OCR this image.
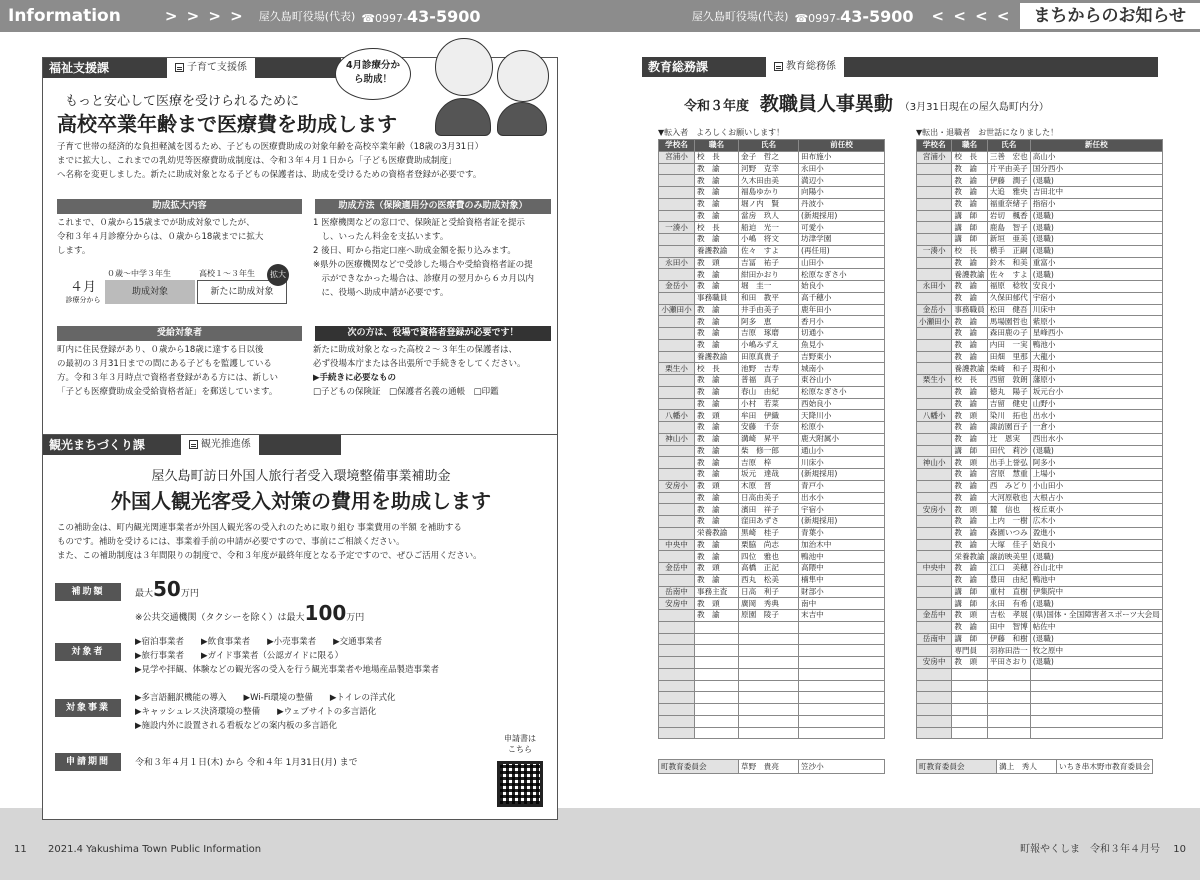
Information	> > > >	屋久島町役場(代表) ☎0997-43-5900	屋久島町役場(代表) ☎0997-43-5900	< < < <	まちからのお知らせ
福祉支援課	子育て支援係	4月診療分から助成！
もっと安心して医療を受けられるために
高校卒業年齢まで医療費を助成します
子育て世帯の経済的な負担軽減を図るため、子どもの医療費助成の対象年齢を高校卒業年齢（18歳の3月31日）
までに拡大し、これまでの乳幼児等医療費助成制度は、令和３年４月１日から「子ども医療費助成制度」
へ名称を変更しました。新たに助成対象となる子どもの保護者は、助成を受けるための資格者登録が必要です。
助成拡大内容
これまで、０歳から15歳までが助成対象でしたが、
令和３年４月診療分からは、０歳から18歳までに拡大
します。
４月
診療分から
０歳〜中学３年生	高校１〜３年生
助成対象	新たに助成対象
拡大
助成方法（保険適用分の医療費のみ助成対象）
1 医療機関などの窓口で、保険証と受給資格者証を提示
　し、いったん料金を支払います。
2 後日、町から指定口座へ助成金額を振り込みます。
※県外の医療機関などで受診した場合や受給資格者証の提
　示ができなかった場合は、診療月の翌月から６カ月以内
　に、役場へ助成申請が必要です。
受給対象者
町内に住民登録があり、０歳から18歳に達する日以後
の最初の３月31日までの間にある子どもを監護している
方。令和３年３月時点で資格者登録がある方には、新しい
「子ども医療費助成金受給資格者証」を郵送しています。
次の方は、役場で資格者登録が必要です！
新たに助成対象となった高校２〜３年生の保護者は、
必ず役場本庁または各出張所で手続きをしてください。
▶手続きに必要なもの
□子どもの保険証　□保護者名義の通帳　□印鑑
観光まちづくり課	観光推進係
屋久島町訪日外国人旅行者受入環境整備事業補助金
外国人観光客受入対策の費用を助成します
この補助金は、町内観光関連事業者が外国人観光客の受入れのために取り組む 事業費用の半額 を補助する
ものです。補助を受けるには、事業着手前の申請が必要ですので、事前にご相談ください。
また、この補助制度は３年間限りの制度で、令和３年度が最終年度となる予定ですので、ぜひご活用ください。
補助額	最大50万円
※公共交通機関（タクシーを除く）は最大100万円
対象者
▶宿泊事業者　　▶飲食事業者　　▶小売事業者　　▶交通事業者
▶旅行事業者　　▶ガイド事業者（公認ガイドに限る）
▶見学や拝観、体験などの観光客の受入を行う観光事業者や地場産品製造事業者
対象事業
▶多言語翻訳機能の導入　　▶Wi-Fi環境の整備　　▶トイレの洋式化
▶キャッシュレス決済環境の整備　　▶ウェブサイトの多言語化
▶施設内外に設置される看板などの案内板の多言語化
申請期間	令和３年４月１日(木) から 令和４年 1月31日(月) まで
申請書は
こちら
11 2021.4 Yakushima Town Public Information
教育総務課	教育総務係
令和３年度 教職員人事異動 （3月31日現在の屋久島町内分）
▼転入者　よろしくお願いします！	▼転出・退職者　お世話になりました！
学校名	職名	氏名	前任校
宮浦小	校　長	金子　哲之	田布施小
	教　諭	河野　克幸	永田小
	教　諭	久木田由美	満辺小
	教　諭	福島ゆかり	向陽小
	教　諭	堀ノ内　賢	丹波小
	教　諭	當房　玖人	(新規採用)
一湊小	校　長	船迫　光一	可愛小
	教　諭	小嶋　将文	坊津学園
	養護教諭	佐々　すよ	(再任用)
永田小	教　頭	吉冨　祐子	山田小
	教　諭	紺田かおり	松原なぎさ小
金岳小	教　諭	堀　圭一	始良小
	事務職員	和田　教平	高千穂小
小瀬田小	教　諭	井手由美子	鹿年田小
	教　諭	阿多　恵	香月小
	教　諭	吉原　琢磨	切通小
	教　諭	小嶋みずえ	魚見小
	養護教諭	田原真貴子	吉野東小
栗生小	校　長	池野　吉寿	城南小
	教　諭	普福　真子	東谷山小
	教　諭	春山　由紀	松原なぎさ小
	教　諭	小村　若菜	西始良小
八幡小	教　頭	牟田　伊織	天降川小
	教　諭	安藤　千奈	松原小
神山小	教　諭	溝崎　昇平	鹿大附属小
	教　諭	柴　修一郎	通山小
	教　諭	吉原　梓	川床小
	教　諭	坂元　達哉	(新規採用)
安房小	教　頭	木原　晋	青戸小
	教　諭	日高由美子	出水小
	教　諭	濱田　祥子	宇宿小
	教　諭	窪田あずさ	(新規採用)
	栄養教諭	黒崎　桂子	青葉小
中央中	教　諭	栗脇　尚志	加治木中
	教　諭	四位　雅也	鴨池中
金岳中	教　頭	高橋　正記	高隈中
	教　諭	西丸　松美	楠隼中
岳南中	事務主査	日高　利子	財部小
安房中	教　頭	廣岡　秀典	南中
	教　諭	原園　陵子	末吉中

学校名	職名	氏名	新任校
宮浦小	校　長	三善　宏也	高山小
	教　諭	片平由美子	国分西小
	教　諭	伊藤　潤子	(退職)
	教　諭	大追　雅央	吉田北中
	教　諭	福重奈緒子	指宿小
	講　師	岩切　楓香	(退職)
	講　師	鹿島　智子	(退職)
	講　師	新垣　亜美	(退職)
一湊小	校　長	横手　正嗣	(退職)
	教　諭	鈴木　和美	重富小
	養護教諭	佐々　すよ	(退職)
永田小	教　諭	福原　稔牧	安良小
	教　諭	久保田郁代	宇宿小
金岳小	事務職員	松田　健吾	川床中
小瀬田小	教　諭	馬場園哲也	紫原小
	教　諭	森田鹿の子	星峰西小
	教　諭	内田　一実	鴨池小
	教　諭	田畑　里那	大龍小
	養護教諭	柴崎　和子	現和小
栗生小	校　長	西留　敦朗	藩原小
	教　諭	徳丸　陽子	坂元台小
	教　諭	吉留　健史	山野小
八幡小	教　頭	染川　拓也	出水小
	教　諭	諏訪園百子	一倉小
	教　諭	辻　恩実	西出水小
	講　師	田代　莉沙	(退職)
神山小	教　頭	出手上誉弘	阿多小
	教　諭	宮原　慧重	上場小
	教　諭	西　みどり	小山田小
	教　諭	大河原敬也	大根占小
安房小	教　頭	麓　信也	桜丘東小
	教　諭	上内　一樹	広木小
	教　諭	森園いつみ	盈進小
	教　諭	大塚　佳子	始良小
	栄養教諭	譲訪映美里	(退職)
中央中	教　諭	江口　美穂	谷山北中
	教　諭	豊田　由紀	鴨池中
	講　師	重村　直樹	伊集院中
	講　師	永田　有希	(退職)
金岳中	教　頭	吉松　孝展	(県)国体・全国障害者スポーツ大会局
	教　諭	田中　智博	帖佐中
岳南中	講　師	伊藤　和樹	(退職)
	専門員	羽祢田浩一	牧之原中
安房中	教　頭	平田さおり	(退職)

町教育委員会	草野　貴亮	笠沙小	町教育委員会	溝上　秀人	いちき串木野市教育委員会
町報やくしま　令和３年４月号 10
